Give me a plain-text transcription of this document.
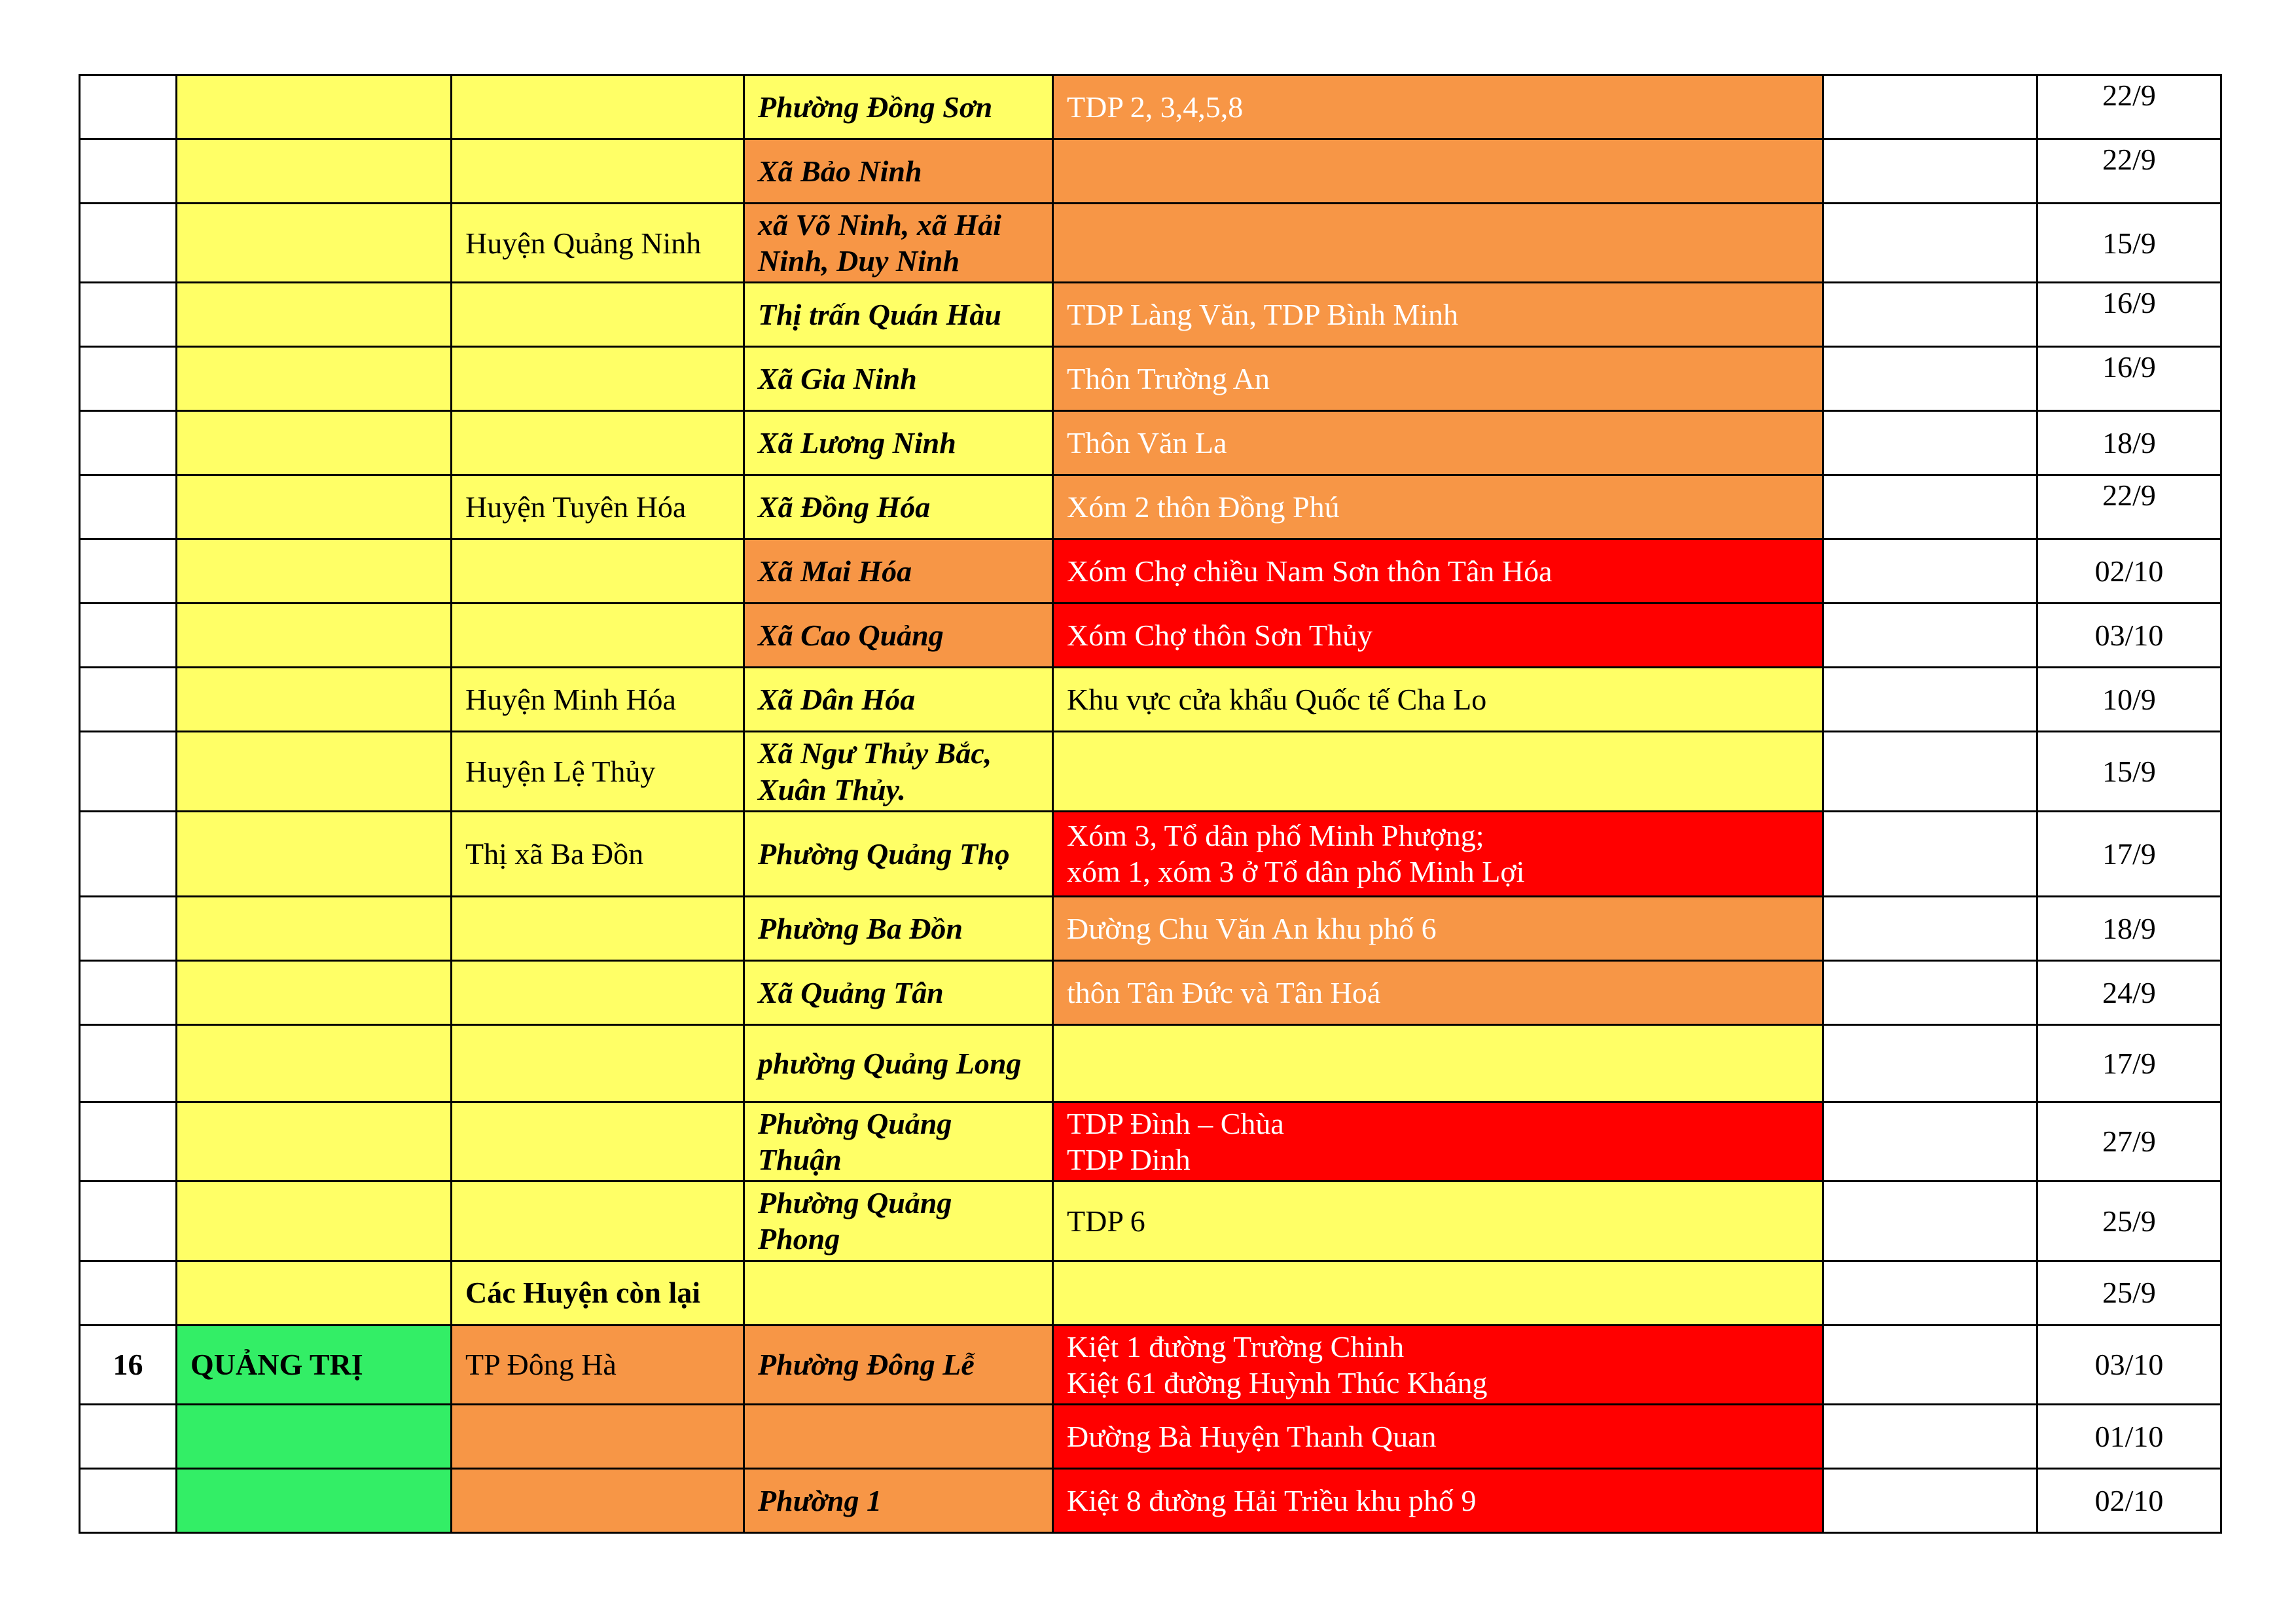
			Phường Đồng Sơn	TDP 2, 3,4,5,8		22/9
			Xã Bảo Ninh			22/9
		Huyện Quảng Ninh	xã Võ Ninh, xã Hải Ninh, Duy Ninh			15/9
			Thị trấn Quán Hàu	TDP Làng Văn, TDP Bình Minh		16/9
			Xã Gia Ninh	Thôn Trường An		16/9
			Xã Lương Ninh	Thôn Văn La		18/9
		Huyện Tuyên Hóa	Xã Đồng Hóa	Xóm 2 thôn Đồng Phú		22/9
			Xã Mai Hóa	Xóm Chợ chiều Nam Sơn thôn Tân Hóa		02/10
			Xã Cao Quảng	Xóm Chợ thôn Sơn Thủy		03/10
		Huyện Minh Hóa	Xã Dân Hóa	Khu vực cửa khẩu Quốc tế Cha Lo		10/9
		Huyện Lệ Thủy	Xã Ngư Thủy Bắc, Xuân Thủy.			15/9
		Thị xã Ba Đồn	Phường Quảng Thọ	Xóm 3, Tổ dân phố Minh Phượng;
xóm 1, xóm 3 ở Tổ dân phố Minh Lợi		17/9
			Phường Ba Đồn	Đường Chu Văn An khu phố 6		18/9
			Xã Quảng Tân	thôn Tân Đức và Tân Hoá		24/9
			phường Quảng Long			17/9
			Phường Quảng Thuận	TDP Đình – Chùa
TDP Dinh		27/9
			Phường Quảng Phong	TDP 6		25/9
		Các Huyện còn lại				25/9
16	QUẢNG TRỊ	TP Đông Hà	Phường Đông Lễ	Kiệt 1 đường Trường Chinh
Kiệt 61 đường Huỳnh Thúc Kháng		03/10
				Đường Bà Huyện Thanh Quan		01/10
			Phường 1	Kiệt 8 đường Hải Triều khu phố 9		02/10
